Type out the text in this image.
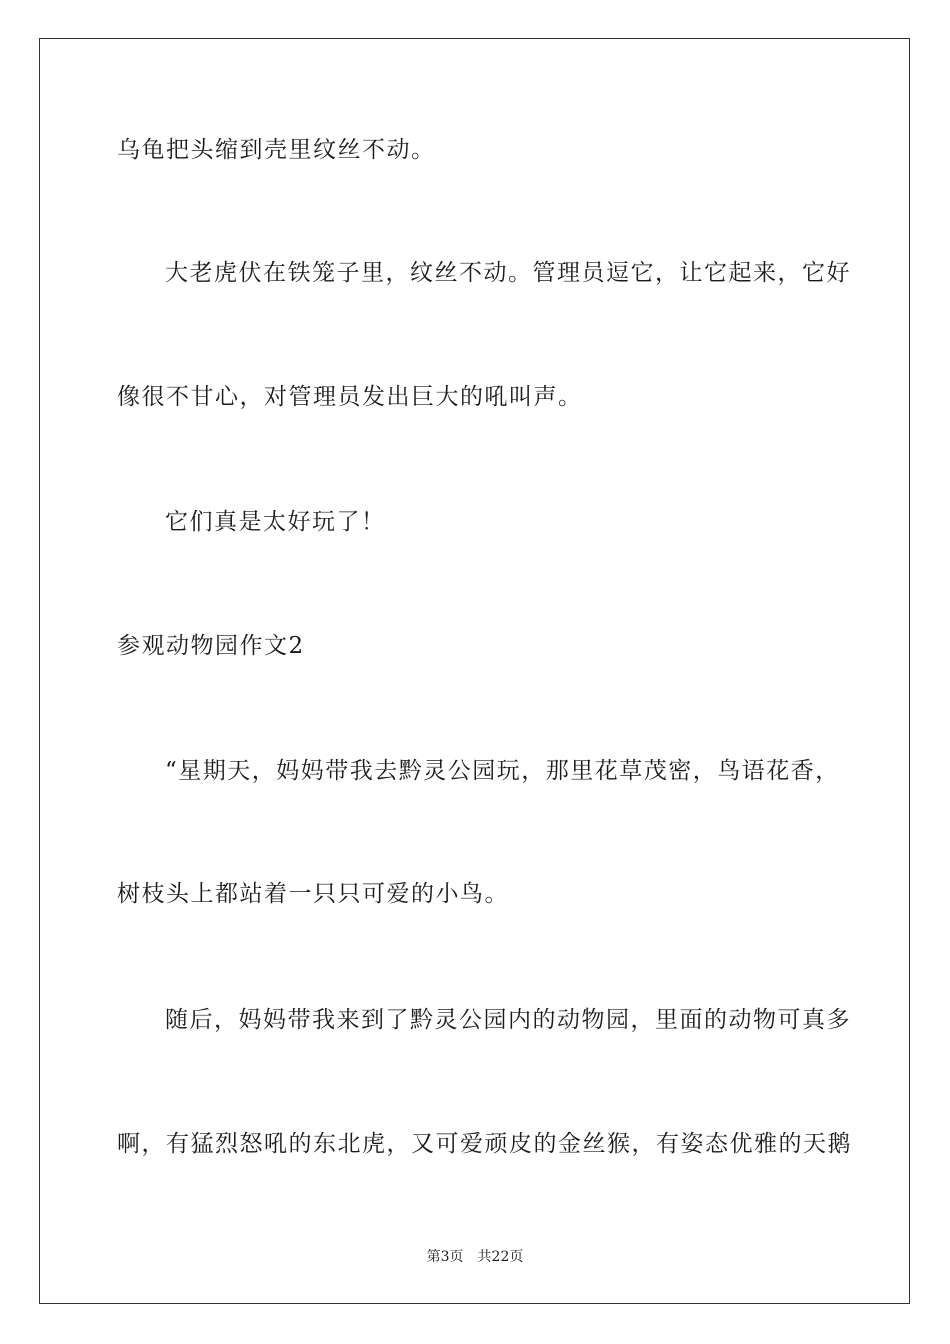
乌龟把头缩到壳里纹丝不动。

大老虎伏在铁笼子里，纹丝不动。管理员逗它，让它起来，它好

像很不甘心，对管理员发出巨大的吼叫声。

它们真是太好玩了！

参观动物园作文2

“星期天，妈妈带我去黔灵公园玩，那里花草茂密，鸟语花香，

树枝头上都站着一只只可爱的小鸟。

随后，妈妈带我来到了黔灵公园内的动物园，里面的动物可真多

啊，有猛烈怒吼的东北虎，又可爱顽皮的金丝猴，有姿态优雅的天鹅

第3页 共22页
